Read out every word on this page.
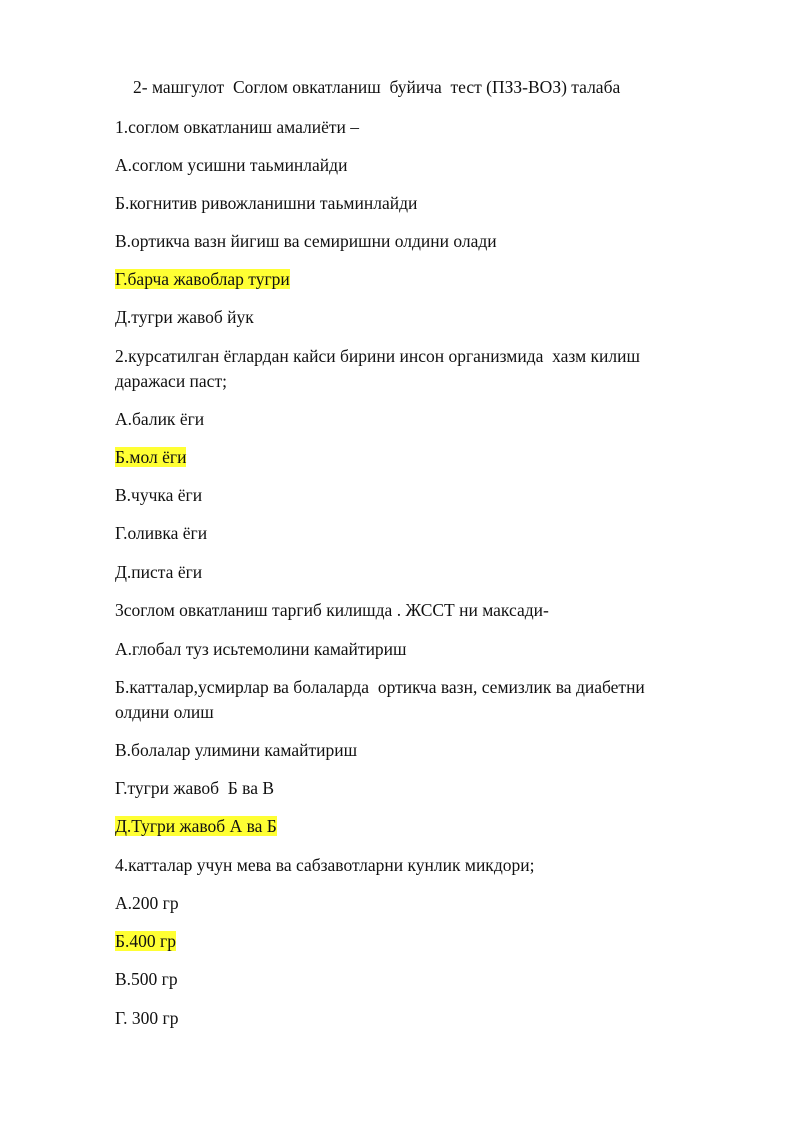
2- машгулот  Соглом овкатланиш  буйича  тест (ПЗЗ-ВОЗ) талаба
1.соглом овкатланиш амалиёти –
А.соглом усишни таьминлайди
Б.когнитив ривожланишни таьминлайди
В.ортикча вазн йигиш ва семиришни олдини олади
Г.барча жавоблар тугри
Д.тугри жавоб йук
2.курсатилган ёглардан кайси бирини инсон организмида  хазм килиш
даражаси паст;
А.балик ёги
Б.мол ёги
В.чучка ёги
Г.оливка ёги
Д.писта ёги
3соглом овкатланиш таргиб килишда . ЖССТ ни максади-
А.глобал туз исьтемолини камайтириш
Б.катталар,усмирлар ва болаларда  ортикча вазн, семизлик ва диабетни
олдини олиш
В.болалар улимини камайтириш
Г.тугри жавоб  Б ва В
Д.Тугри жавоб А ва Б
4.катталар учун мева ва сабзавотларни кунлик микдори;
А.200 гр
Б.400 гр
В.500 гр
Г. 300 гр
